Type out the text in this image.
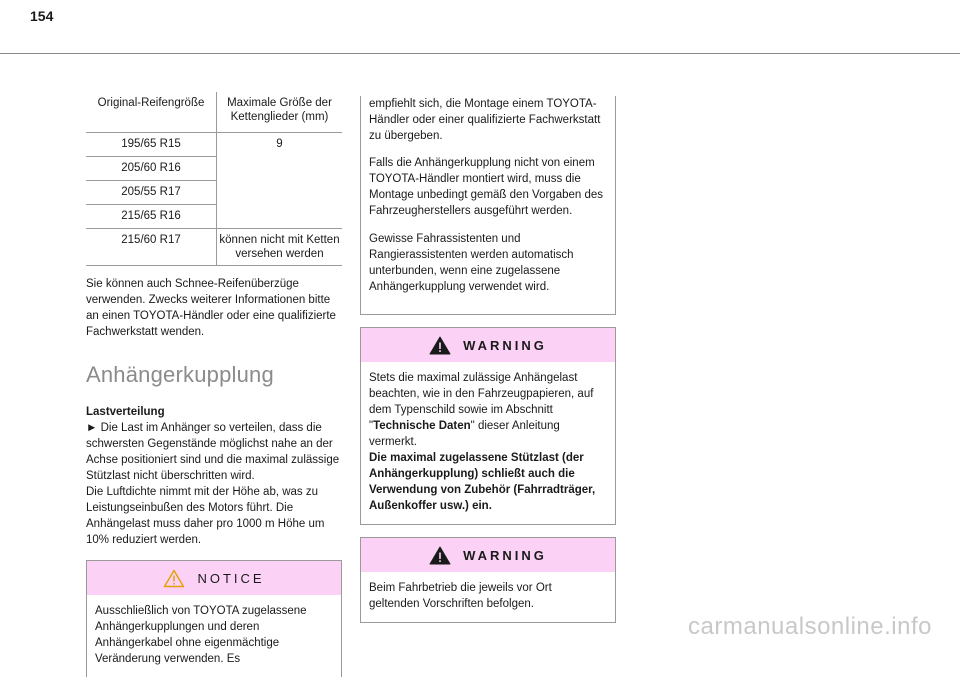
154
Original-Reifengröße	Maximale Größe der Kettenglieder (mm)
195/65 R15	9
205/60 R16	
205/55 R17	
215/65 R16	
215/60 R17	können nicht mit Ketten versehen werden

Sie können auch Schnee-Reifenüberzüge verwenden. Zwecks weiterer Informationen bitte an einen TOYOTA-Händler oder eine qualifizierte Fachwerkstatt wenden.

Anhängerkupplung
Lastverteilung

► Die Last im Anhänger so verteilen, dass die schwersten Gegenstände möglichst nahe an der Achse positioniert sind und die maximal zulässige Stützlast nicht überschritten wird.

Die Luftdichte nimmt mit der Höhe ab, was zu Leistungseinbußen des Motors führt. Die Anhängelast muss daher pro 1000 m Höhe um 10% reduziert werden.

NOTICE

Ausschließlich von TOYOTA zugelassene Anhängerkupplungen und deren Anhängerkabel ohne eigenmächtige Veränderung verwenden. Es

empfiehlt sich, die Montage einem TOYOTA-Händler oder einer qualifizierte Fachwerkstatt zu übergeben.

Falls die Anhängerkupplung nicht von einem TOYOTA-Händler montiert wird, muss die Montage unbedingt gemäß den Vorgaben des Fahrzeugherstellers ausgeführt werden.

Gewisse Fahrassistenten und Rangierassistenten werden automatisch unterbunden, wenn eine zugelassene Anhängerkupplung verwendet wird.

WARNING

Stets die maximal zulässige Anhängelast beachten, wie in den Fahrzeugpapieren, auf dem Typenschild sowie im Abschnitt "Technische Daten" dieser Anleitung vermerkt.

Die maximal zugelassene Stützlast (der Anhängerkupplung) schließt auch die Verwendung von Zubehör (Fahrradträger, Außenkoffer usw.) ein.

WARNING

Beim Fahrbetrieb die jeweils vor Ort geltenden Vorschriften befolgen.

carmanualsonline.info
